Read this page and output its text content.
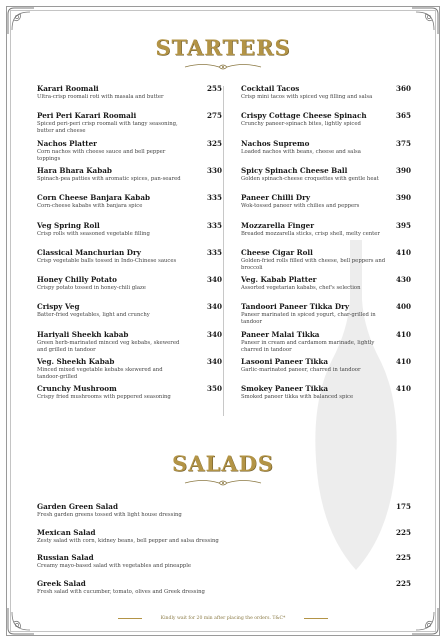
STARTERS
Karari Roomali	255
Ultra-crisp roomali roti with masala and butter
Peri Peri Karari Roomali	275
Spiced peri-peri crisp roomali with tangy seasoning, butter and cheese
Nachos Platter	325
Corn nachos with cheese sauce and bell pepper toppings
Hara Bhara Kabab	330
Spinach-pea patties with aromatic spices, pan-seared
Corn Cheese Banjara Kabab	335
Corn-cheese kababs with banjara spice
Veg Spring Roll	335
Crisp rolls with seasoned vegetable filling
Classical Manchurian Dry	335
Crisp vegetable balls tossed in Indo-Chinese sauces
Honey Chilly Potato	340
Crispy potato tossed in honey-chili glaze
Crispy Veg	340
Batter-fried vegetables, light and crunchy
Hariyali Sheekh kabab	340
Green herb-marinated minced veg kebabs, skewered and grilled in tandoor
Veg. Sheekh Kabab	340
Minced mixed vegetable kebabs skewered and tandoor-grilled
Crunchy Mushroom	350
Crispy fried mushrooms with peppered seasoning
Cocktail Tacos	360
Crisp mini tacos with spiced veg filling and salsa
Crispy Cottage Cheese Spinach	365
Crunchy paneer-spinach bites, lightly spiced
Nachos Supremo	375
Loaded nachos with beans, cheese and salsa
Spicy Spinach Cheese Ball	390
Golden spinach-cheese croquettes with gentle heat
Paneer Chilli Dry	390
Wok-tossed paneer with chilies and peppers
Mozzarella Finger	395
Breaded mozzarella sticks, crisp shell, melty center
Cheese Cigar Roll	410
Golden-fried rolls filled with cheese, bell peppers and broccoli
Veg. Kabab Platter	430
Assorted vegetarian kababs, chef's selection
Tandoori Paneer Tikka Dry	400
Paneer marinated in spiced yogurt, char-grilled in tandoor
Paneer Malai Tikka	410
Paneer in cream and cardamom marinade, lightly charred in tandoor
Lasooni Paneer Tikka	410
Garlic-marinated paneer, charred in tandoor
Smokey Paneer Tikka	410
Smoked paneer tikka with balanced spice
SALADS
Garden Green Salad	175
Fresh garden greens tossed with light house dressing
Mexican Salad	225
Zesty salad with corn, kidney beans, bell pepper and salsa dressing
Russian Salad	225
Creamy mayo-based salad with vegetables and pineapple
Greek Salad	225
Fresh salad with cucumber, tomato, olives and Greek dressing
Kindly wait for 20 min after placing the orders. T&C*
